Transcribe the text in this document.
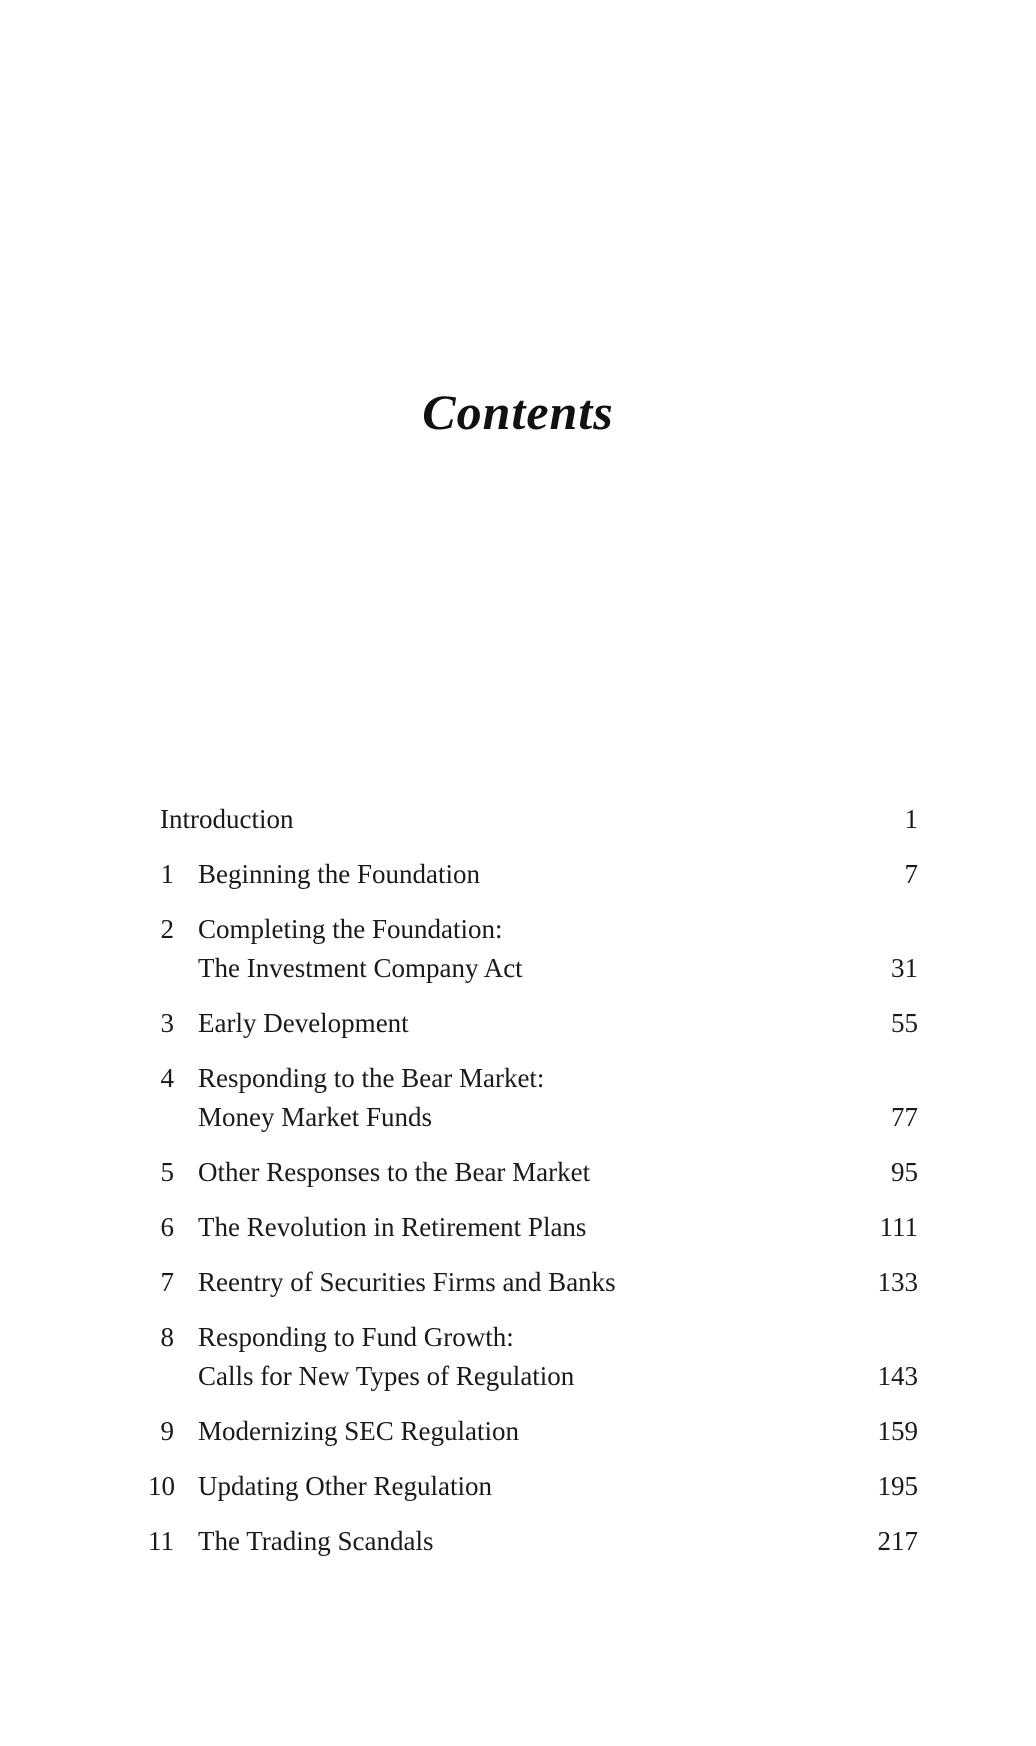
Contents
Introduction	1
1 Beginning the Foundation	7
2 Completing the Foundation:
The Investment Company Act	31
3 Early Development	55
4 Responding to the Bear Market:
Money Market Funds	77
5 Other Responses to the Bear Market	95
6 The Revolution in Retirement Plans	111
7 Reentry of Securities Firms and Banks	133
8 Responding to Fund Growth:
Calls for New Types of Regulation	143
9 Modernizing SEC Regulation	159
10 Updating Other Regulation	195
11 The Trading Scandals	217
